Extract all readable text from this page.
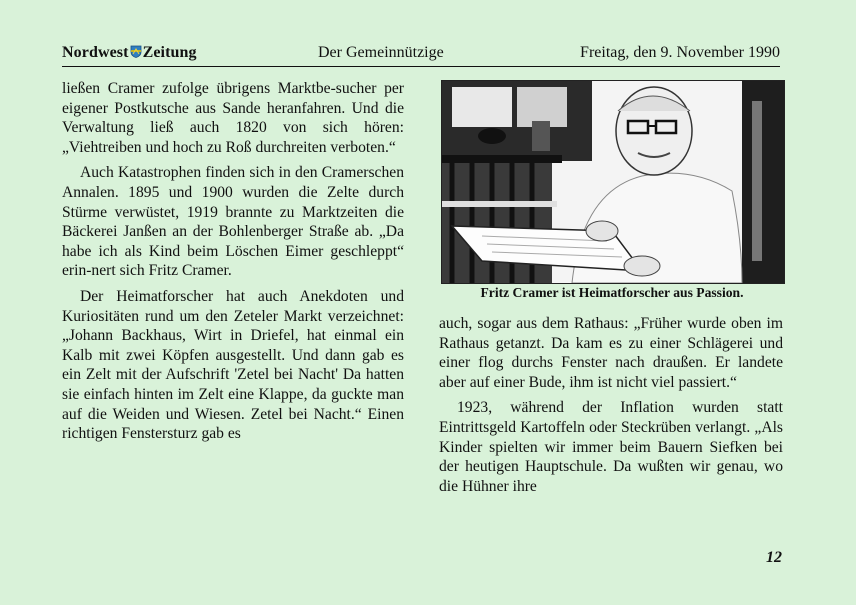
Nordwest Zeitung	Der Gemeinnützige	Freitag, den 9. November 1990

ließen Cramer zufolge übrigens Marktbe-sucher per eigener Postkutsche aus Sande heranfahren. Und die Verwaltung ließ auch 1820 von sich hören: „Viehtreiben und hoch zu Roß durchreiten verboten.“

Auch Katastrophen finden sich in den Cramerschen Annalen. 1895 und 1900 wurden die Zelte durch Stürme verwüstet, 1919 brannte zu Marktzeiten die Bäckerei Janßen an der Bohlenberger Straße ab. „Da habe ich als Kind beim Löschen Eimer geschleppt“ erin-nert sich Fritz Cramer.

Der Heimatforscher hat auch Anekdoten und Kuriositäten rund um den Zeteler Markt verzeichnet: „Johann Backhaus, Wirt in Driefel, hat einmal ein Kalb mit zwei Köpfen ausgestellt. Und dann gab es ein Zelt mit der Aufschrift 'Zetel bei Nacht' Da hatten sie einfach hinten im Zelt eine Klappe, da guckte man auf die Weiden und Wiesen. Zetel bei Nacht.“ Einen richtigen Fenstersturz gab es

Fritz Cramer ist Heimatforscher aus Passion.

auch, sogar aus dem Rathaus: „Früher wurde oben im Rathaus getanzt. Da kam es zu einer Schlägerei und einer flog durchs Fenster nach draußen. Er landete aber auf einer Bude, ihm ist nicht viel passiert.“

1923, während der Inflation wurden statt Eintrittsgeld Kartoffeln oder Steckrüben verlangt. „Als Kinder spielten wir immer beim Bauern Siefken bei der heutigen Hauptschule. Da wußten wir genau, wo die Hühner ihre

12
